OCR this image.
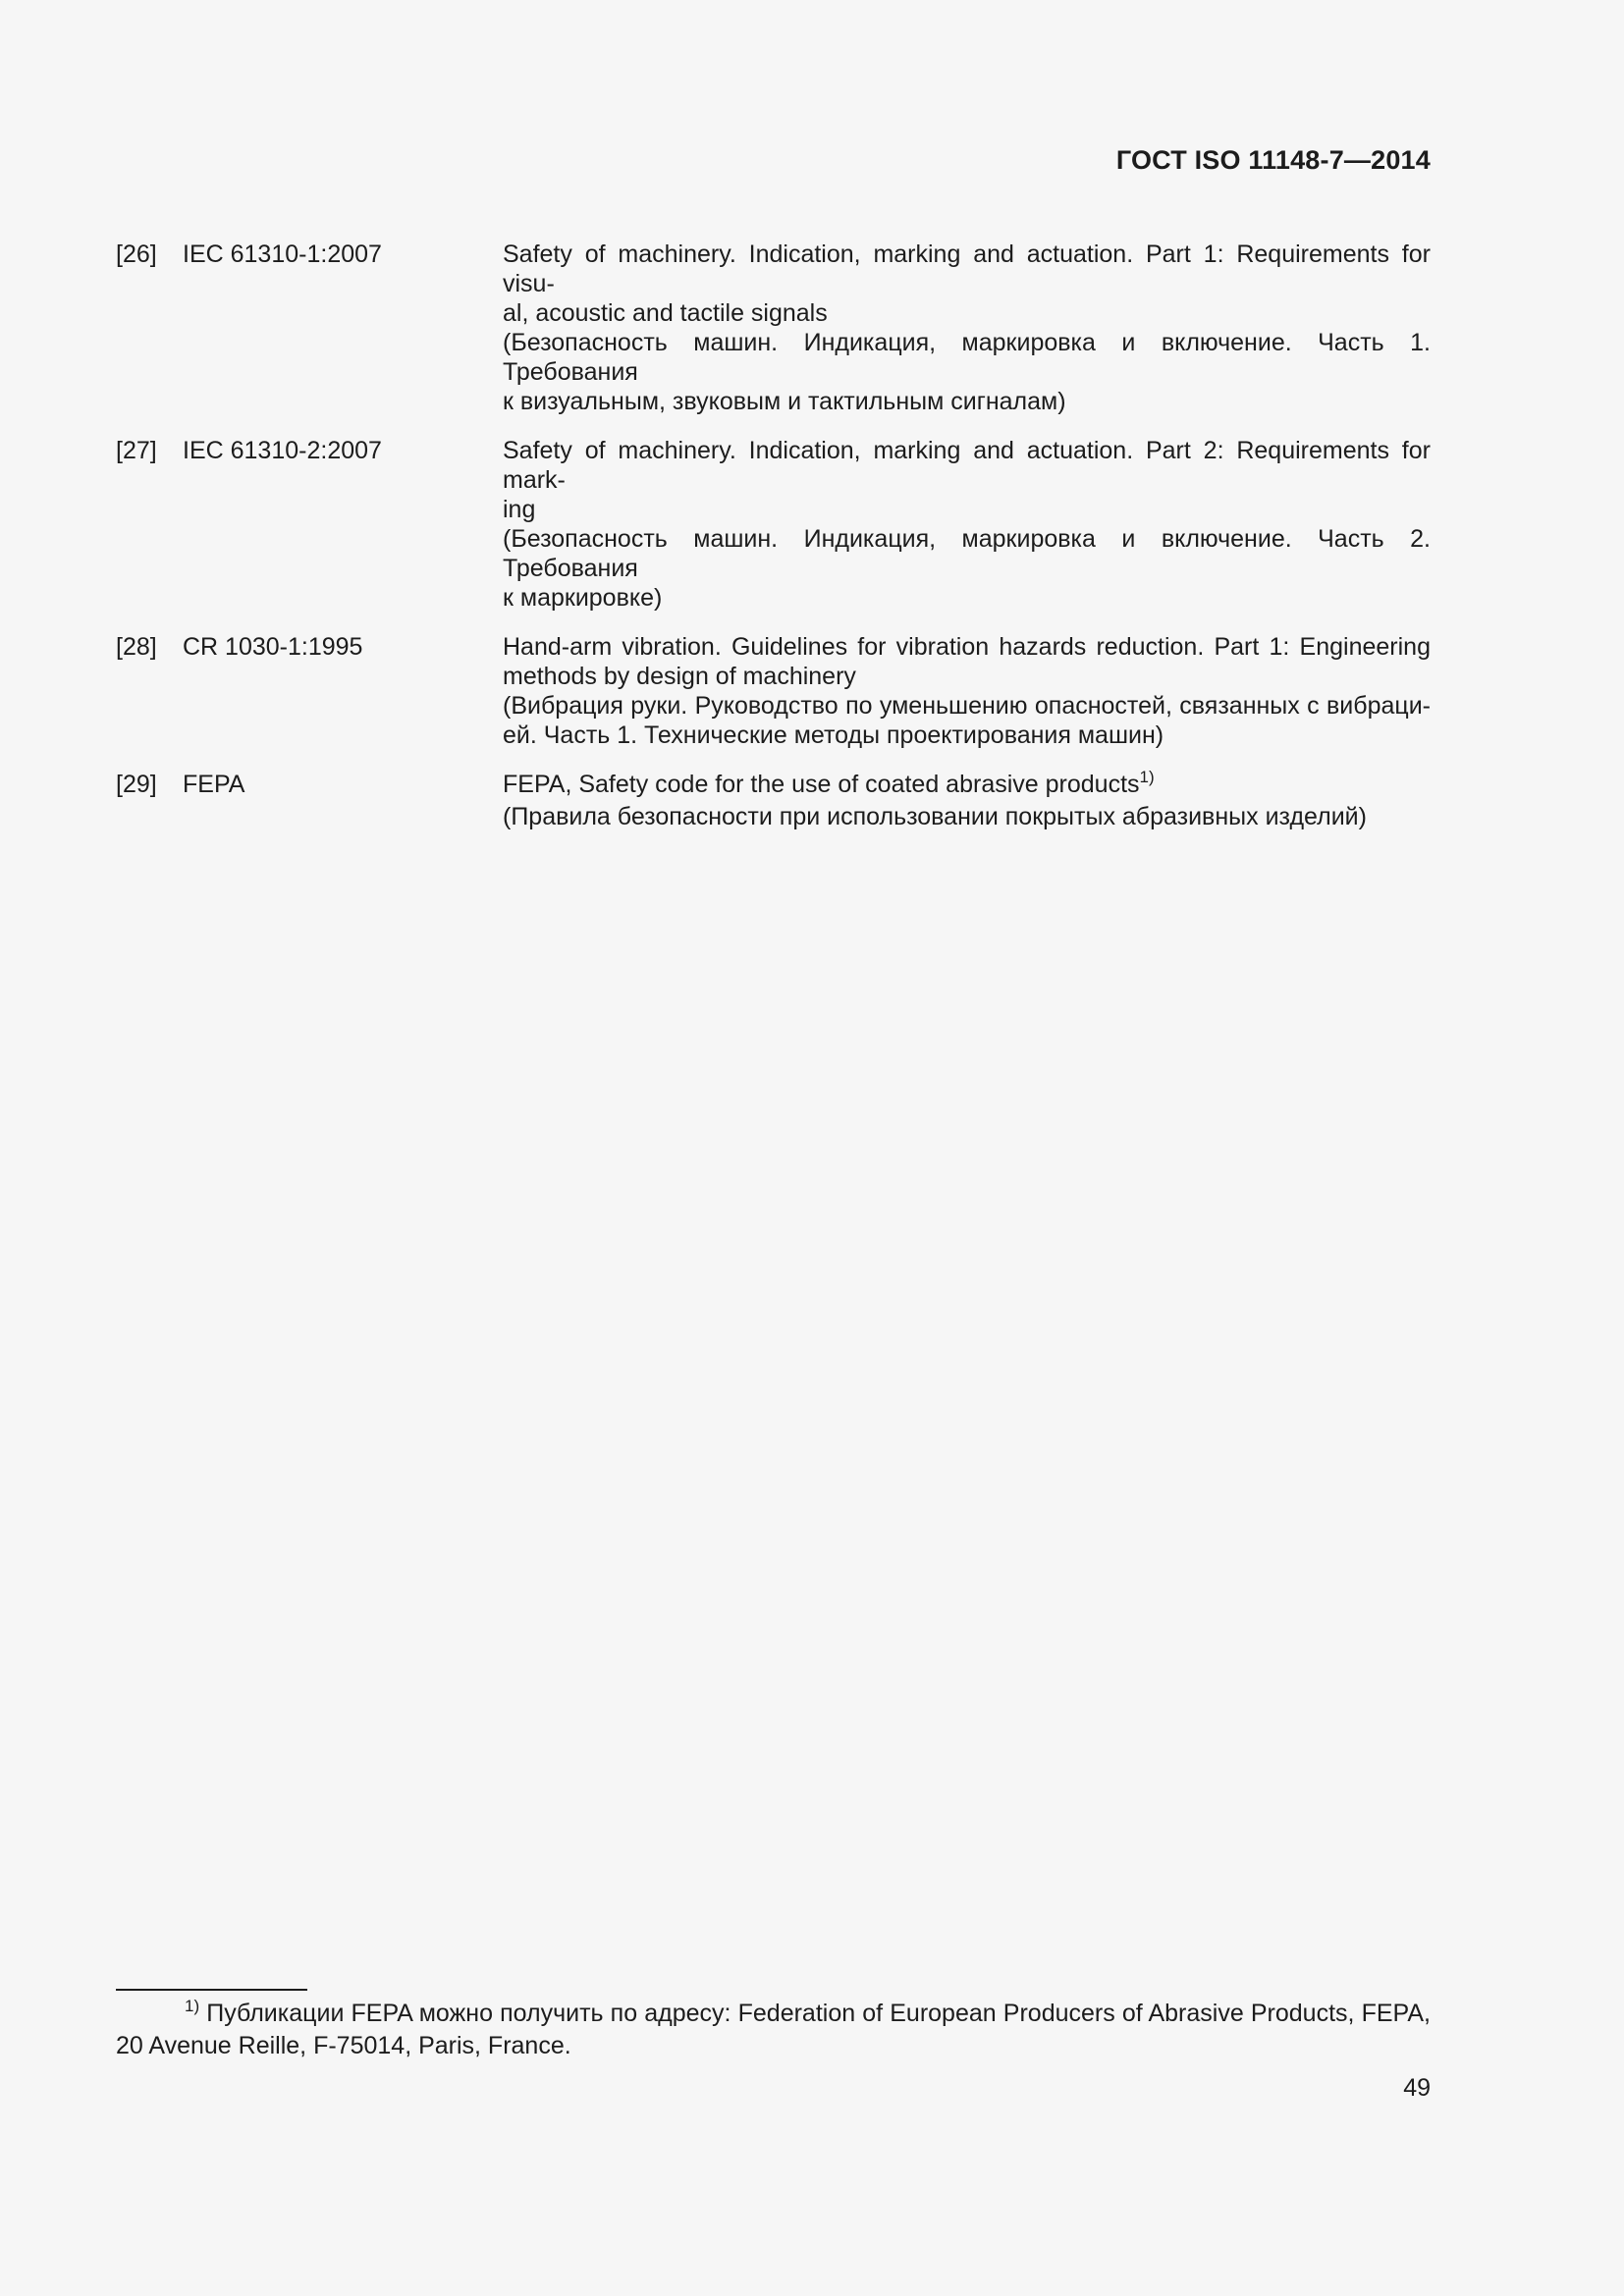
ГОСТ ISO 11148-7—2014
[26] IEC 61310-1:2007	Safety of machinery. Indication, marking and actuation. Part 1: Requirements for visu-
al, acoustic and tactile signals
(Безопасность машин. Индикация, маркировка и включение. Часть 1. Требования
к визуальным, звуковым и тактильным сигналам)
[27] IEC 61310-2:2007	Safety of machinery. Indication, marking and actuation. Part 2: Requirements for mark-
ing
(Безопасность машин. Индикация, маркировка и включение. Часть 2. Требования
к маркировке)
[28] CR 1030-1:1995	Hand-arm vibration. Guidelines for vibration hazards reduction. Part 1: Engineering
methods by design of machinery
(Вибрация руки. Руководство по уменьшению опасностей, связанных с вибраци-
ей. Часть 1. Технические методы проектирования машин)
[29] FEPA	FEPA, Safety code for the use of coated abrasive products$^{1)}$
(Правила безопасности при использовании покрытых абразивных изделий)
$^{1)}$ Публикации FEPA можно получить по адресу: Federation of European Producers of Abrasive Products, FEPA,
20 Avenue Reille, F-75014, Paris, France.
49
